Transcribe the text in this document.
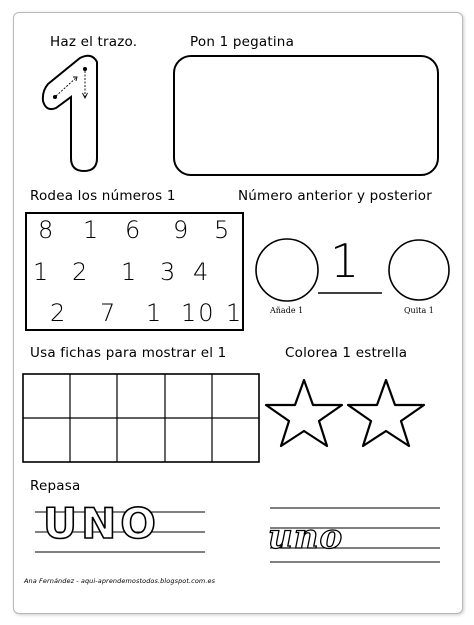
Haz el trazo.	Pon 1 pegatina
Rodea los números 1	Número anterior y posterior
Usa fichas para mostrar el 1	Colorea 1 estrella
Repasa
8 1 6 9 5
1 2 1 3 4
2 7 1 10 1
1
Añade 1	Quita 1
UNO	uno
Ana Fernández - aqui-aprendemostodos.blogspot.com.es
